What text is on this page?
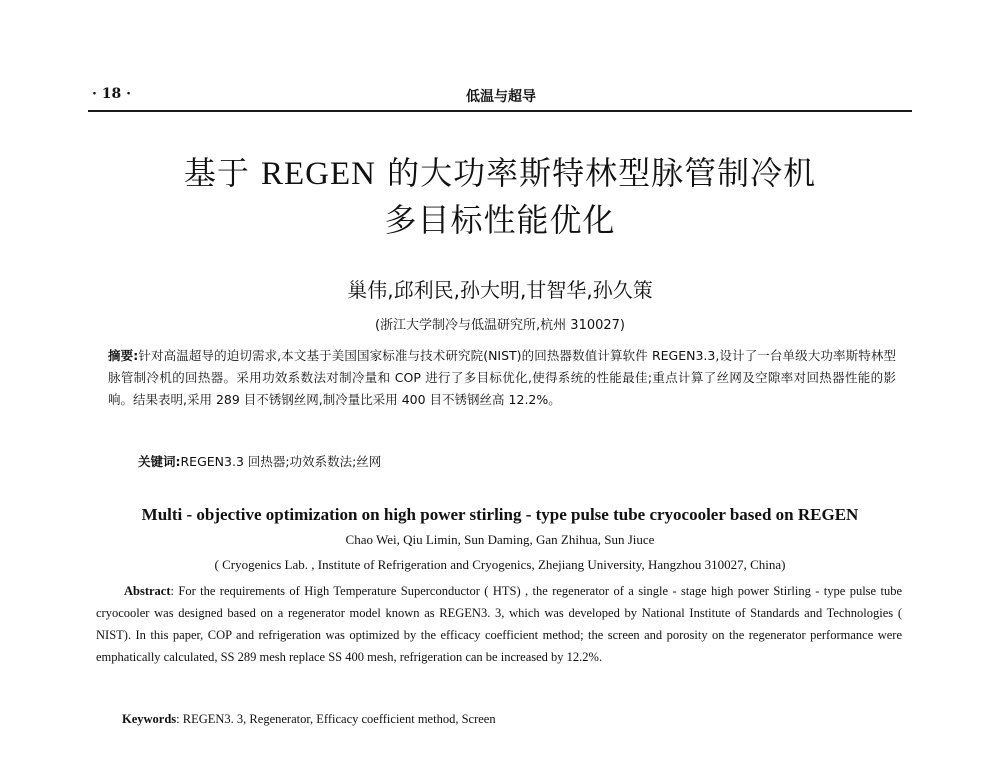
· 18 ·	低温与超导
基于 REGEN 的大功率斯特林型脉管制冷机
多目标性能优化
巢伟,邱利民,孙大明,甘智华,孙久策
(浙江大学制冷与低温研究所,杭州 310027)
摘要:针对高温超导的迫切需求,本文基于美国国家标准与技术研究院(NIST)的回热器数值计算软件 REGEN3.3,设计了一台单级大功率斯特林型脉管制冷机的回热器。采用功效系数法对制冷量和 COP 进行了多目标优化,使得系统的性能最佳;重点计算了丝网及空隙率对回热器性能的影响。结果表明,采用 289 目不锈钢丝网,制冷量比采用 400 目不锈钢丝高 12.2%。
关键词:REGEN3.3 回热器;功效系数法;丝网
Multi - objective optimization on high power stirling - type pulse tube cryocooler based on REGEN
Chao Wei, Qiu Limin, Sun Daming, Gan Zhihua, Sun Jiuce
( Cryogenics Lab. , Institute of Refrigeration and Cryogenics, Zhejiang University, Hangzhou 310027, China)
Abstract: For the requirements of High Temperature Superconductor ( HTS) , the regenerator of a single - stage high power Stirling - type pulse tube cryocooler was designed based on a regenerator model known as REGEN3. 3, which was developed by National Institute of Standards and Technologies ( NIST). In this paper, COP and refrigeration was optimized by the efficacy coefficient method; the screen and porosity on the regenerator performance were emphatically calculated, SS 289 mesh replace SS 400 mesh, refrigeration can be increased by 12.2%.
Keywords: REGEN3. 3, Regenerator, Efficacy coefficient method, Screen
